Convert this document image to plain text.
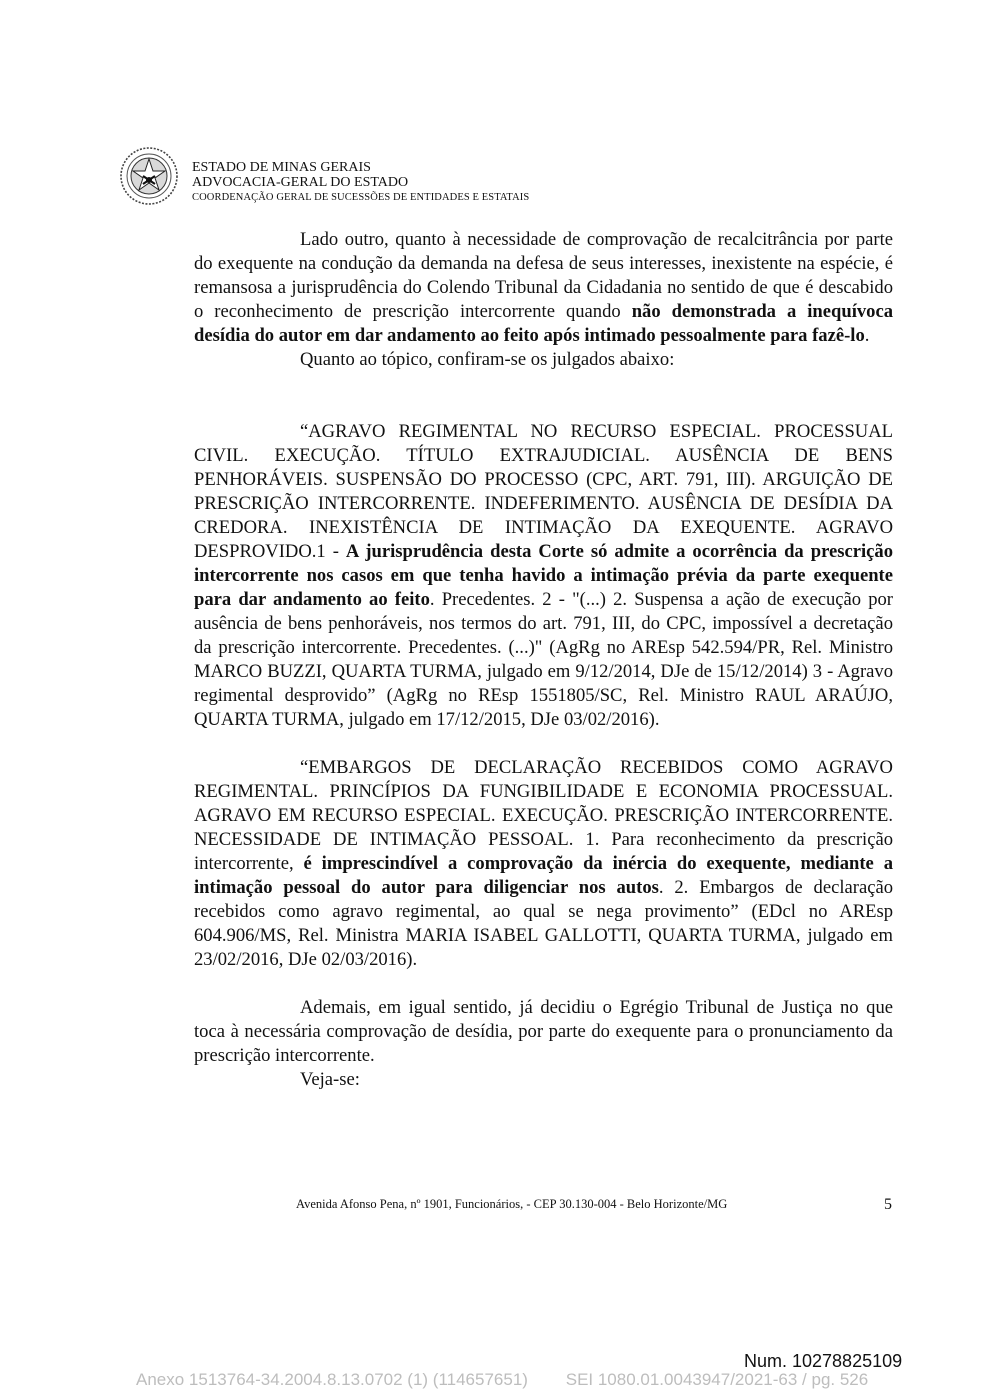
ESTADO DE MINAS GERAIS
ADVOCACIA-GERAL DO ESTADO
COORDENAÇÃO GERAL DE SUCESSÕES DE ENTIDADES E ESTATAIS

Lado outro, quanto à necessidade de comprovação de recalcitrância por parte do exequente na condução da demanda na defesa de seus interesses, inexistente na espécie, é remansosa a jurisprudência do Colendo Tribunal da Cidadania no sentido de que é descabido o reconhecimento de prescrição intercorrente quando não demonstrada a inequívoca desídia do autor em dar andamento ao feito após intimado pessoalmente para fazê-lo.

Quanto ao tópico, confiram-se os julgados abaixo:

“AGRAVO REGIMENTAL NO RECURSO ESPECIAL. PROCESSUAL CIVIL. EXECUÇÃO. TÍTULO EXTRAJUDICIAL. AUSÊNCIA DE BENS PENHORÁVEIS. SUSPENSÃO DO PROCESSO (CPC, ART. 791, III). ARGUIÇÃO DE PRESCRIÇÃO INTERCORRENTE. INDEFERIMENTO. AUSÊNCIA DE DESÍDIA DA CREDORA. INEXISTÊNCIA DE INTIMAÇÃO DA EXEQUENTE. AGRAVO DESPROVIDO.1 - A jurisprudência desta Corte só admite a ocorrência da prescrição intercorrente nos casos em que tenha havido a intimação prévia da parte exequente para dar andamento ao feito. Precedentes. 2 - "(...) 2. Suspensa a ação de execução por ausência de bens penhoráveis, nos termos do art. 791, III, do CPC, impossível a decretação da prescrição intercorrente. Precedentes. (...)" (AgRg no AREsp 542.594/PR, Rel. Ministro MARCO BUZZI, QUARTA TURMA, julgado em 9/12/2014, DJe de 15/12/2014) 3 - Agravo regimental desprovido” (AgRg no REsp 1551805/SC, Rel. Ministro RAUL ARAÚJO, QUARTA TURMA, julgado em 17/12/2015, DJe 03/02/2016).

“EMBARGOS DE DECLARAÇÃO RECEBIDOS COMO AGRAVO REGIMENTAL. PRINCÍPIOS DA FUNGIBILIDADE E ECONOMIA PROCESSUAL. AGRAVO EM RECURSO ESPECIAL. EXECUÇÃO. PRESCRIÇÃO INTERCORRENTE. NECESSIDADE DE INTIMAÇÃO PESSOAL. 1. Para reconhecimento da prescrição intercorrente, é imprescindível a comprovação da inércia do exequente, mediante a intimação pessoal do autor para diligenciar nos autos. 2. Embargos de declaração recebidos como agravo regimental, ao qual se nega provimento” (EDcl no AREsp 604.906/MS, Rel. Ministra MARIA ISABEL GALLOTTI, QUARTA TURMA, julgado em 23/02/2016, DJe 02/03/2016).

Ademais, em igual sentido, já decidiu o Egrégio Tribunal de Justiça no que toca à necessária comprovação de desídia, por parte do exequente para o pronunciamento da prescrição intercorrente.

Veja-se:

Avenida Afonso Pena, nº 1901, Funcionários, - CEP 30.130-004 - Belo Horizonte/MG	5
Num. 10278825109
Anexo 1513764-34.2004.8.13.0702 (1) (114657651)        SEI 1080.01.0043947/2021-63 / pg. 526
